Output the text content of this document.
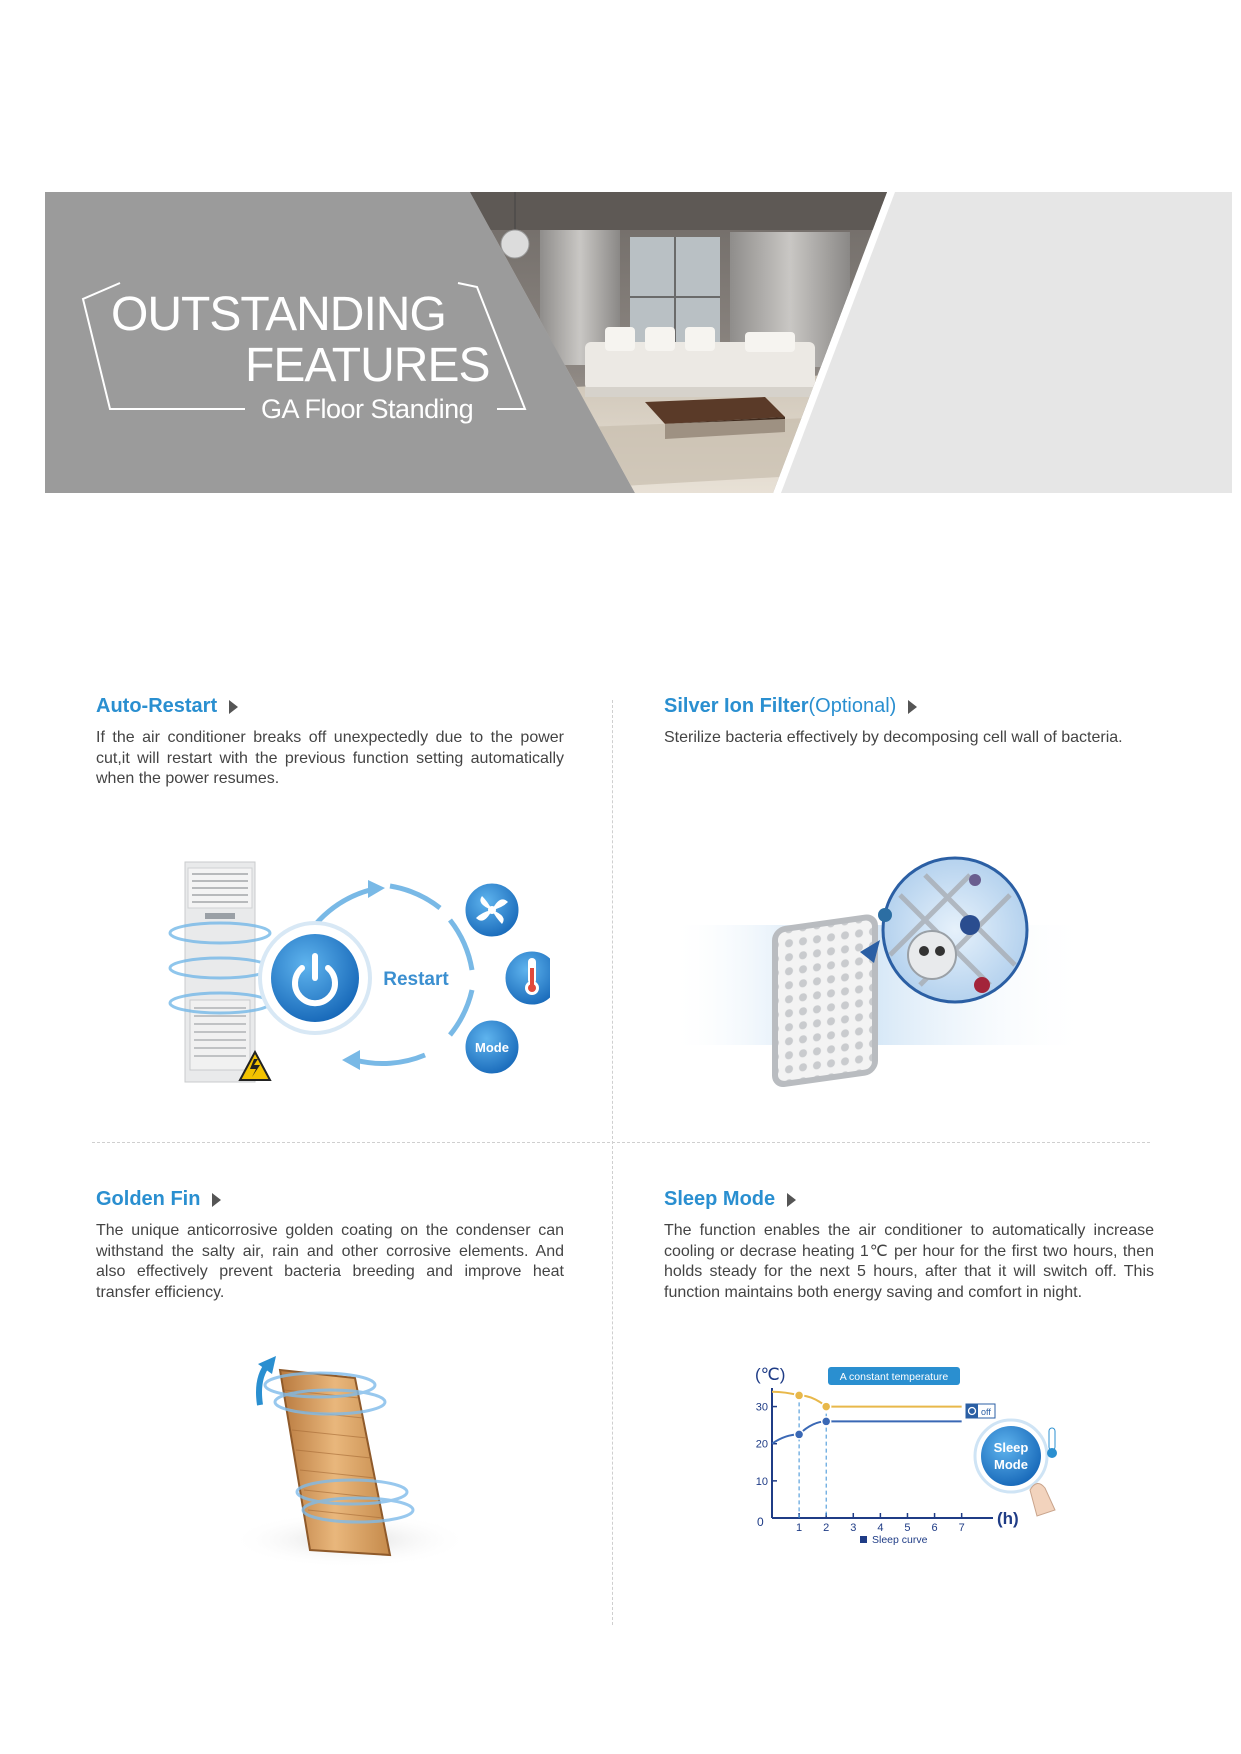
OUTSTANDING
FEATURES
GA Floor Standing
Auto-Restart
If the air conditioner breaks off unexpectedly due to the power cut,it will restart with the previous function setting automatically when the power resumes.
Mode
Restart
Silver Ion Filter(Optional)
Sterilize bacteria effectively by decomposing cell wall of bacteria.
Golden Fin
The unique anticorrosive golden coating on the condenser can withstand the salty air, rain and other corrosive elements. And also effectively prevent bacteria breeding and improve heat transfer efficiency.
Sleep Mode
The function enables the air conditioner to automatically increase cooling or decrase heating 1℃ per hour for the first two hours, then holds steady for the next 5 hours, after that it will switch off. This function maintains both energy saving and comfort in night.
(℃)
0	(h)
30
20
10
1 2 3 4 5 6 7
A constant temperature
off
Sleep
Mode
Sleep curve
